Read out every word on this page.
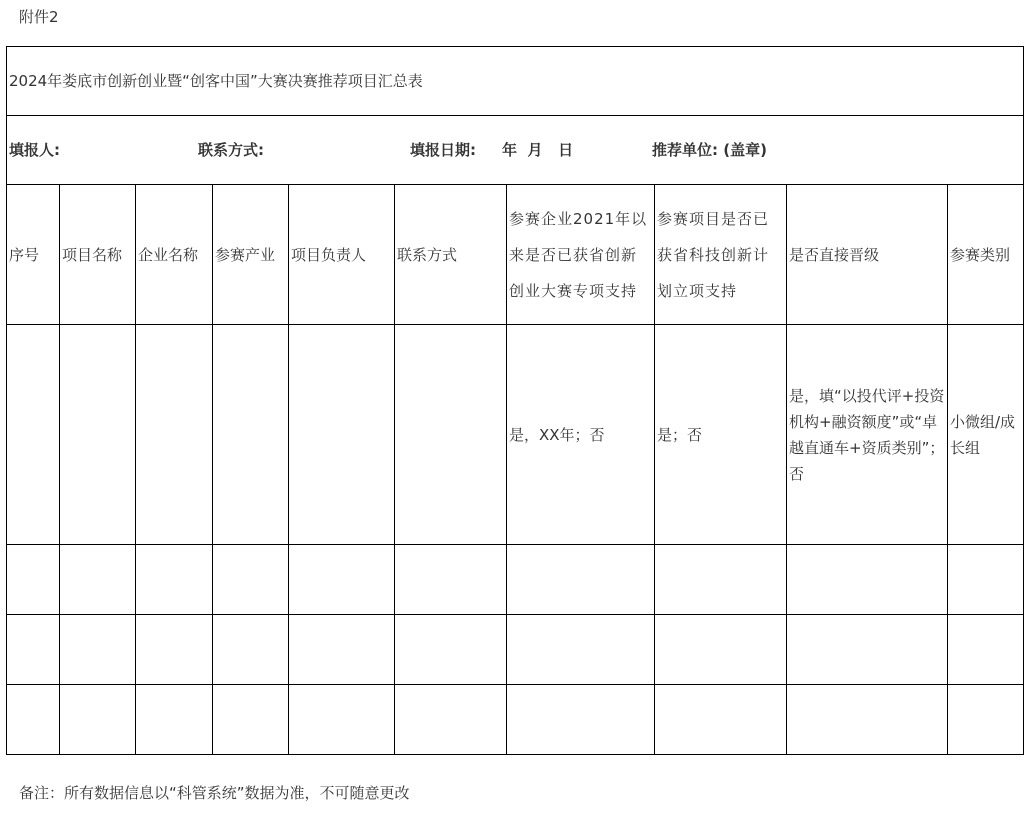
附件2
2024年娄底市创新创业暨“创客中国”大赛决赛推荐项目汇总表									

填报人: 联系方式: 填报日期: 年  月   日 推荐单位: (盖章)									

序号	项目名称	企业名称	参赛产业	项目负责人	联系方式	参赛企业2021年以来是否已获省创新创业大赛专项支持	参赛项目是否已获省科技创新计划立项支持	是否直接晋级	参赛类别
						是，XX年；否	是；否	是，填“以投代评+投资机构+融资额度”或“卓越直通车+资质类别”；否	小微组/成长组

备注：所有数据信息以“科管系统”数据为准，不可随意更改
